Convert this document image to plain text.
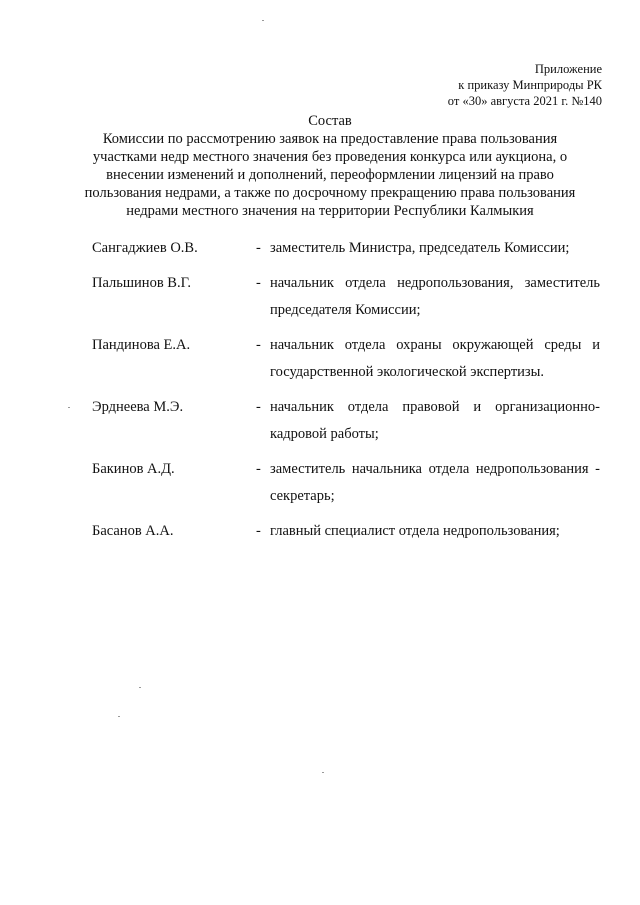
Приложение
к приказу Минприроды РК
от «30» августа 2021 г. №140
Состав
Комиссии по рассмотрению заявок на предоставление права пользования участками недр местного значения без проведения конкурса или аукциона, о внесении изменений и дополнений, переоформлении лицензий на право пользования недрами, а также по досрочному прекращению права пользования недрами местного значения на территории Республики Калмыкия
Сангаджиев О.В.	- заместитель Министра, председатель Комиссии;
Пальшинов В.Г.	- начальник отдела недропользования, заместитель председателя Комиссии;
Пандинова Е.А.	- начальник отдела охраны окружающей среды и государственной экологической экспертизы.
Эрднеева М.Э.	- начальник отдела правовой и организационно-кадровой работы;
Бакинов А.Д.	- заместитель начальника отдела недропользования - секретарь;
Басанов А.А.	- главный специалист отдела недропользования;
